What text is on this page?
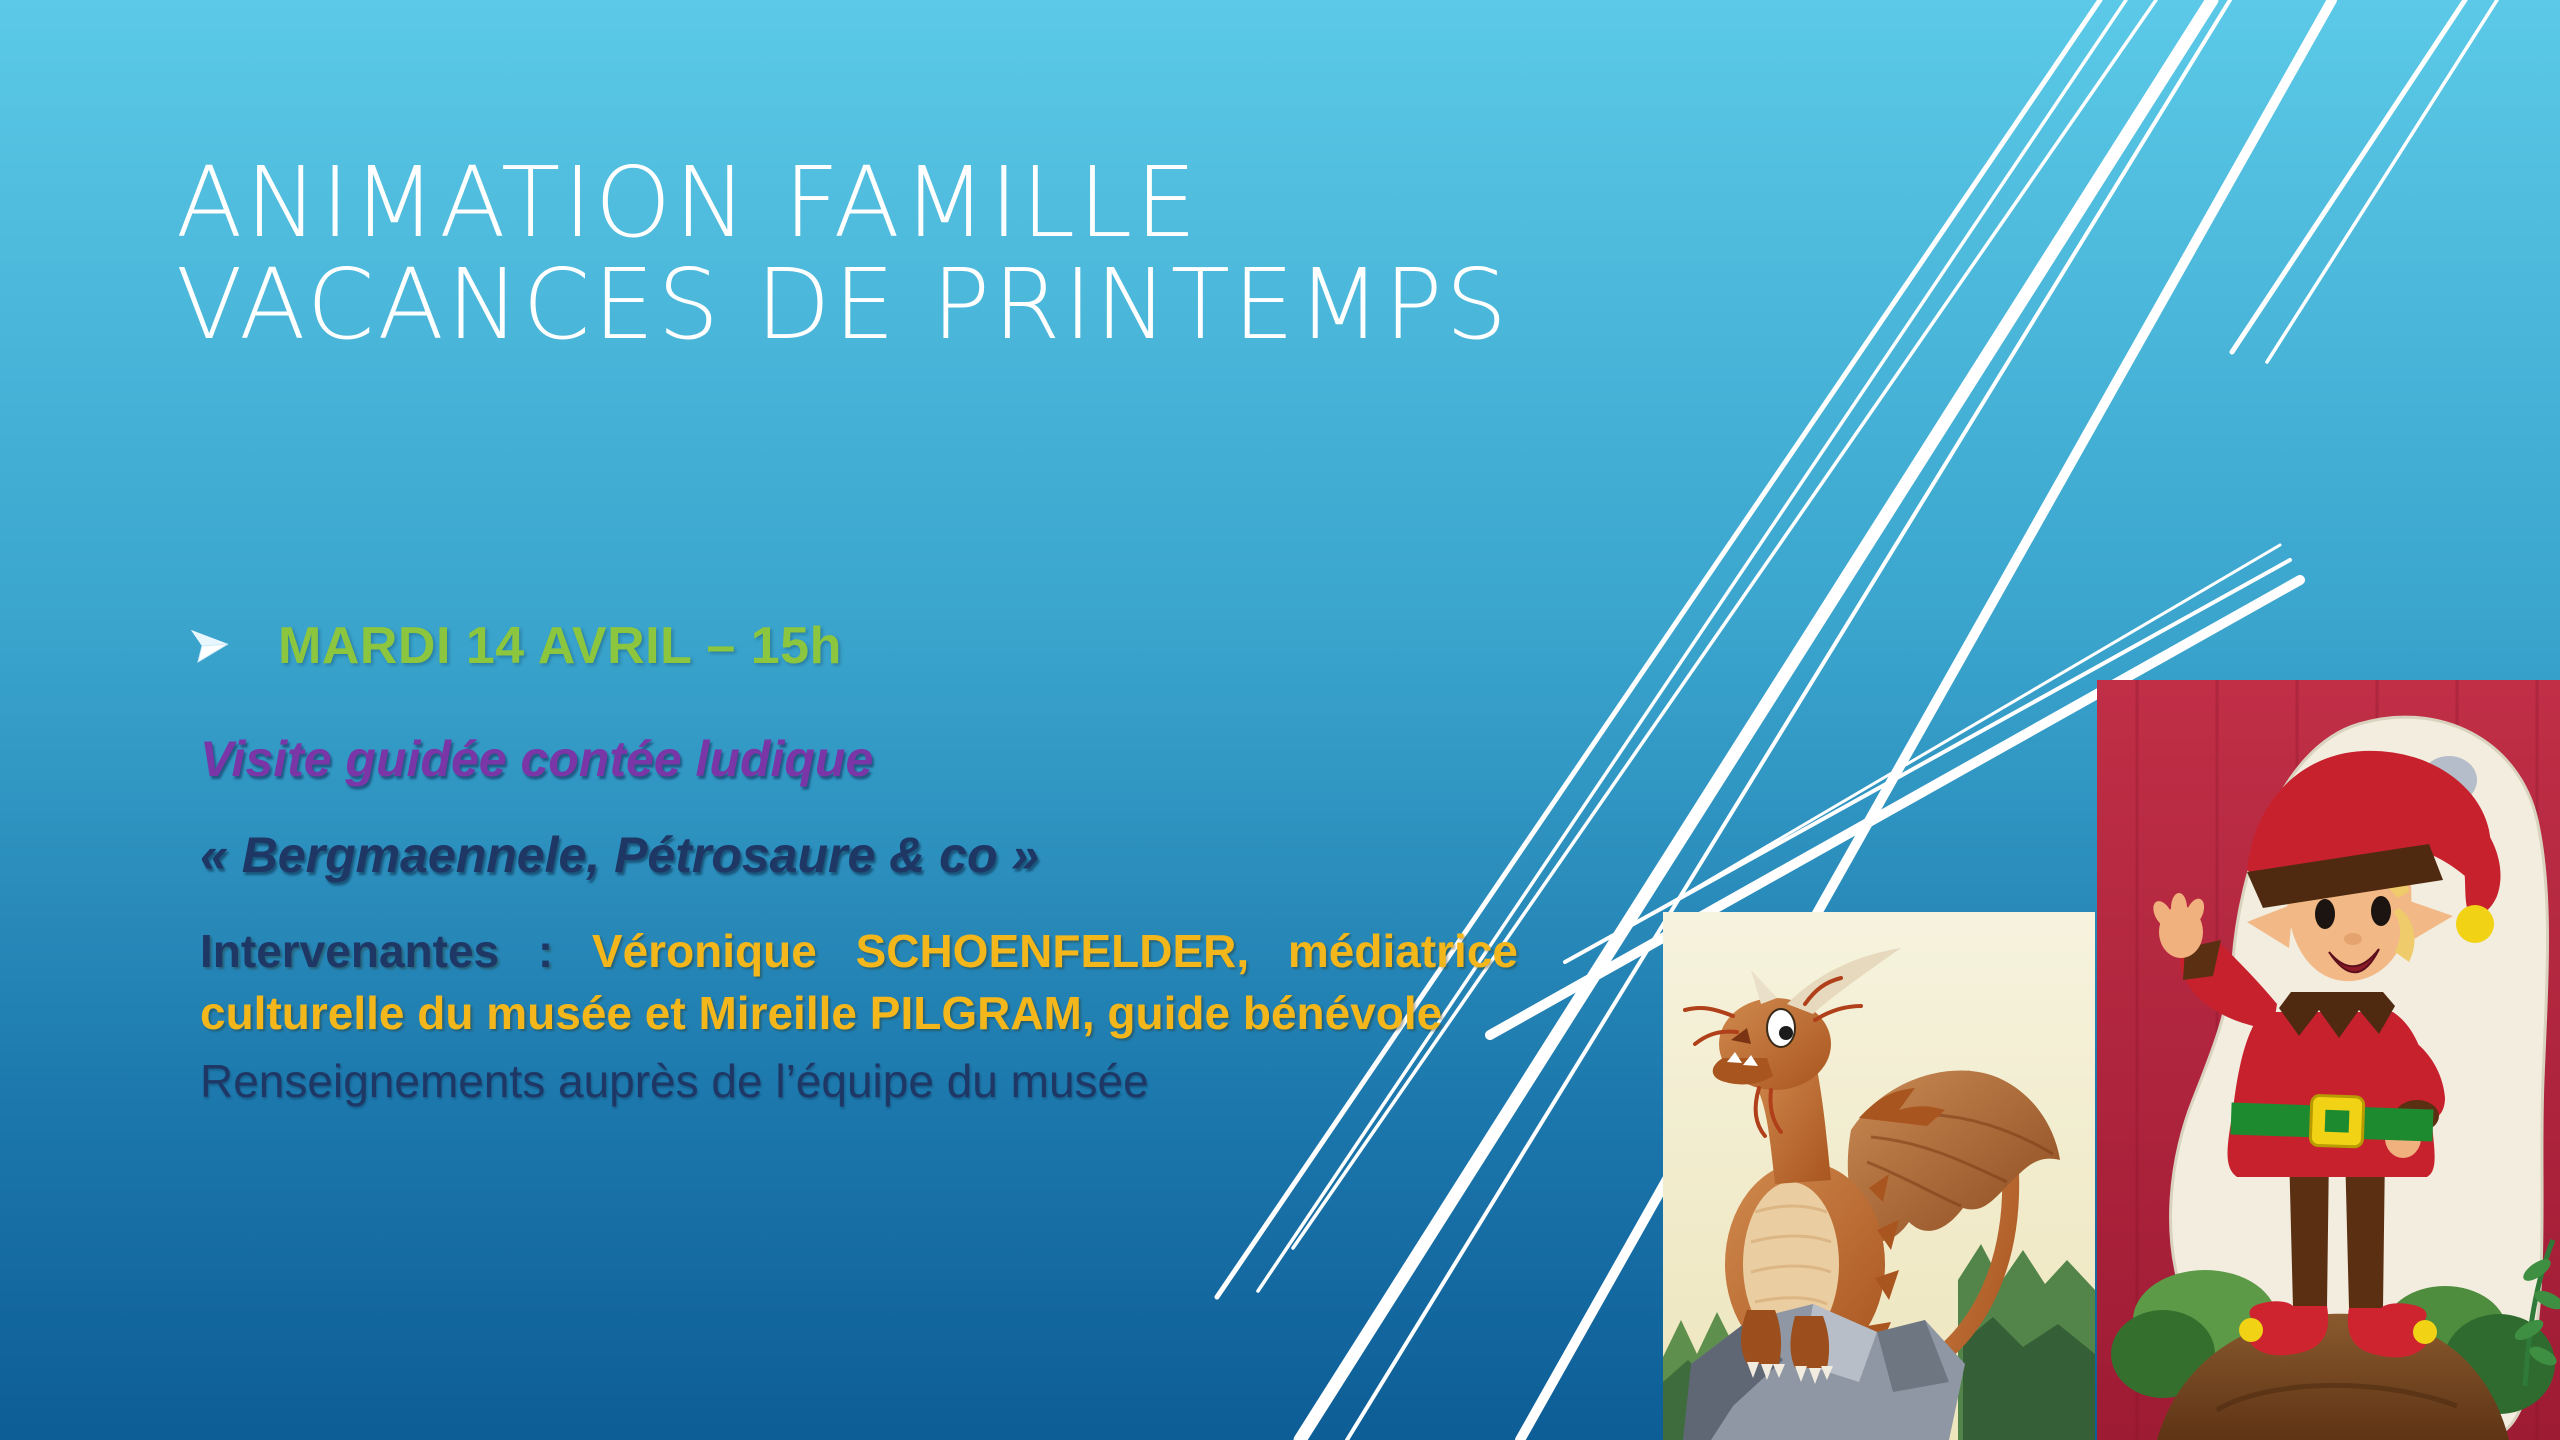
ANIMATION FAMILLE
VACANCES DE PRINTEMPS
MARDI 14 AVRIL – 15h
Visite guidée contée ludique
« Bergmaennele, Pétrosaure & co »
Intervenantes : Véronique SCHOENFELDER, médiatrice
culturelle du musée et Mireille PILGRAM, guide bénévole
Renseignements auprès de l’équipe du musée
